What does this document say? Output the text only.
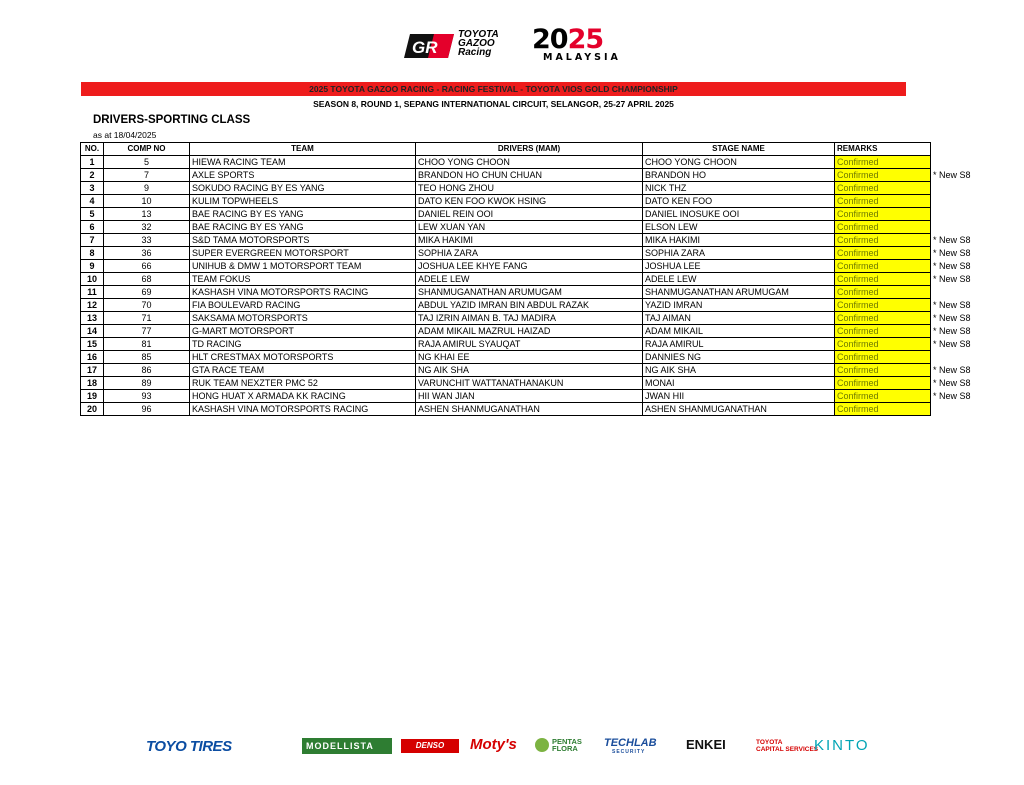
GR
TOYOTA
GAZOO
Racing 2025
MALAYSIA
2025 TOYOTA GAZOO RACING - RACING FESTIVAL - TOYOTA VIOS GOLD CHAMPIONSHIP
SEASON 8, ROUND 1, SEPANG INTERNATIONAL CIRCUIT, SELANGOR, 25-27 APRIL 2025
DRIVERS-SPORTING CLASS
as at 18/04/2025
NO.	COMP NO	TEAM	DRIVERS (MAM)	STAGE NAME	REMARKS	
1	5	HIEWA RACING TEAM	CHOO YONG CHOON	CHOO YONG CHOON	Confirmed	
2	7	AXLE SPORTS	BRANDON HO CHUN CHUAN	BRANDON HO	Confirmed	* New S8
3	9	SOKUDO RACING BY ES YANG	TEO HONG ZHOU	NICK THZ	Confirmed	
4	10	KULIM TOPWHEELS	DATO KEN FOO KWOK HSING	DATO KEN FOO	Confirmed	
5	13	BAE RACING BY ES YANG	DANIEL REIN OOI	DANIEL INOSUKE OOI	Confirmed	
6	32	BAE RACING BY ES YANG	LEW XUAN YAN	ELSON LEW	Confirmed	
7	33	S&D TAMA MOTORSPORTS	MIKA HAKIMI	MIKA HAKIMI	Confirmed	* New S8
8	36	SUPER EVERGREEN MOTORSPORT	SOPHIA ZARA	SOPHIA ZARA	Confirmed	* New S8
9	66	UNIHUB & DMW 1 MOTORSPORT TEAM	JOSHUA LEE KHYE FANG	JOSHUA LEE	Confirmed	* New S8
10	68	TEAM FOKUS	ADELE LEW	ADELE LEW	Confirmed	* New S8
11	69	KASHASH VINA MOTORSPORTS RACING	SHANMUGANATHAN ARUMUGAM	SHANMUGANATHAN ARUMUGAM	Confirmed	
12	70	FIA BOULEVARD RACING	ABDUL YAZID IMRAN BIN ABDUL RAZAK	YAZID IMRAN	Confirmed	* New S8
13	71	SAKSAMA MOTORSPORTS	TAJ IZRIN AIMAN B. TAJ MADIRA	TAJ AIMAN	Confirmed	* New S8
14	77	G-MART MOTORSPORT	ADAM MIKAIL MAZRUL HAIZAD	ADAM MIKAIL	Confirmed	* New S8
15	81	TD RACING	RAJA AMIRUL SYAUQAT	RAJA AMIRUL	Confirmed	* New S8
16	85	HLT CRESTMAX MOTORSPORTS	NG KHAI EE	DANNIES NG	Confirmed	
17	86	GTA RACE TEAM	NG AIK SHA	NG AIK SHA	Confirmed	* New S8
18	89	RUK TEAM NEXZTER PMC 52	VARUNCHIT WATTANATHANAKUN	MONAI	Confirmed	* New S8
19	93	HONG HUAT X ARMADA KK RACING	HII WAN JIAN	JWAN HII	Confirmed	* New S8
20	96	KASHASH VINA MOTORSPORTS RACING	ASHEN SHANMUGANATHAN	ASHEN SHANMUGANATHAN	Confirmed	
TOYO TIRES	MODELLISTA	DENSO	Moty's	PENTAS
FLORA	TECHLAB
SECURITY	ENKEI	TOYOTA
CAPITAL SERVICES
KINTO
